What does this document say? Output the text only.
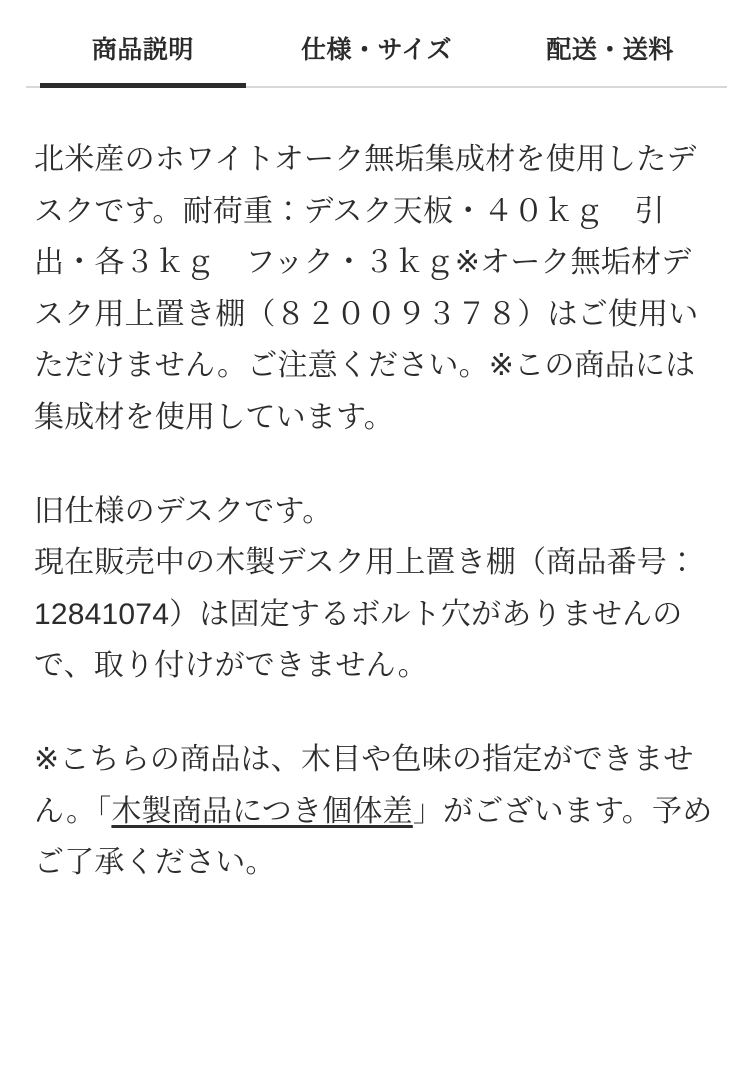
商品説明	仕様・サイズ	配送・送料

北米産のホワイトオーク無垢集成材を使用したデスクです。耐荷重：デスク天板・４０ｋｇ　引出・各３ｋｇ　フック・３ｋｇ※オーク無垢材デスク用上置き棚（８２００９３７８）はご使用いただけません。ご注意ください。※この商品には集成材を使用しています。

旧仕様のデスクです。
現在販売中の木製デスク用上置き棚（商品番号：12841074）は固定するボルト穴がありませんので、取り付けができません。

※こちらの商品は、木目や色味の指定ができません。「木製商品につき個体差」がございます。予めご了承ください。
